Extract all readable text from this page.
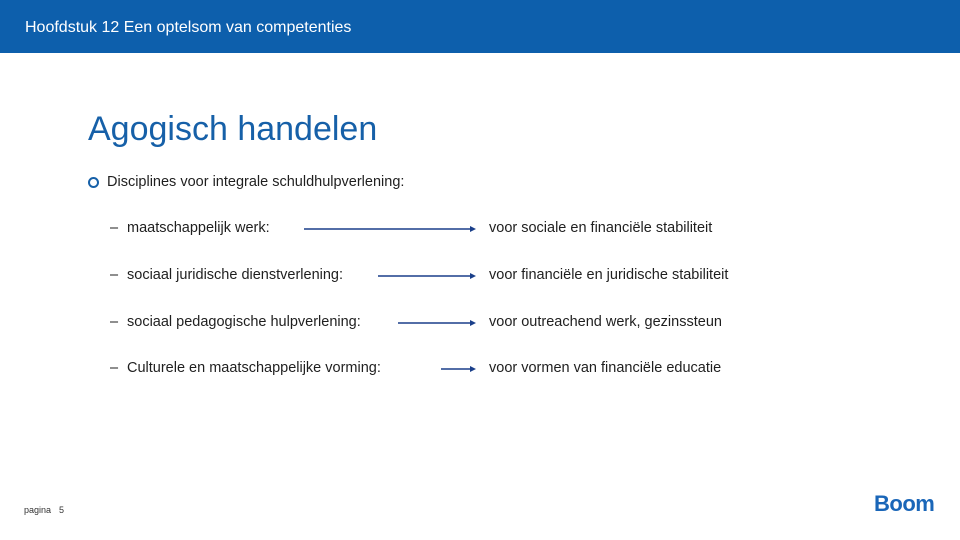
Hoofdstuk 12 Een optelsom van competenties
Agogisch handelen
Disciplines voor integrale schuldhulpverlening:
– maatschappelijk werk:	voor sociale en financiële stabiliteit
– sociaal juridische dienstverlening:	voor financiële en juridische stabiliteit
– sociaal pedagogische hulpverlening:	voor outreachend werk, gezinssteun
– Culturele en maatschappelijke vorming:	voor vormen van financiële educatie
pagina 5	Boom
